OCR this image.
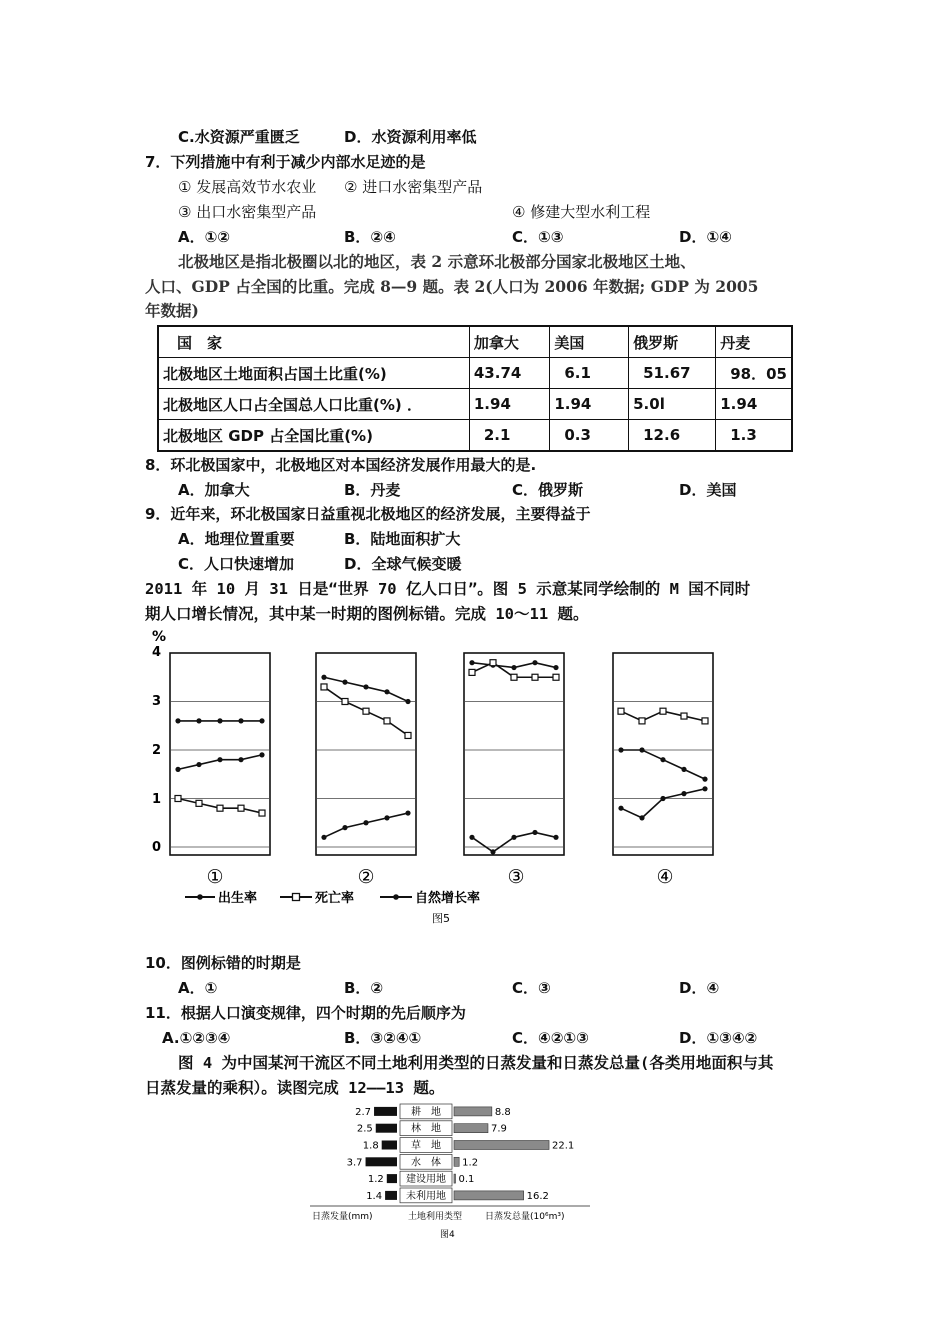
C.水资源严重匮乏	D．水资源利用率低
7．下列措施中有利于减少内部水足迹的是
① 发展高效节水农业 ② 进口水密集型产品
③ 出口水密集型产品	④ 修建大型水利工程
A．①②	B．②④	C．①③	D．①④
北极地区是指北极圈以北的地区，表 2 示意环北极部分国家北极地区土地、
人口、GDP 占全国的比重。完成 8—9 题。表 2(人口为 2006 年数据; GDP 为 2005
年数据)
国　家	加拿大	美国	俄罗斯	丹麦
北极地区土地面积占国土比重(%)	43.74	6.1	51.67	98．05
北极地区人口占全国总人口比重(%) ．	1.94	1.94	5.0l	1.94
北极地区 GDP 占全国比重(%)	2.1	0.3	12.6	1.3
8．环北极国家中，北极地区对本国经济发展作用最大的是.
A．加拿大	B．丹麦	C．俄罗斯	D．美国
9．近年来，环北极国家日益重视北极地区的经济发展，主要得益于
A．地理位置重要	B．陆地面积扩大
C．人口快速增加	D．全球气候变暖
2011 年 10 月 31 日是“世界 70 亿人口日”。图 5 示意某同学绘制的 M 国不同时
期人口增长情况，其中某一时期的图例标错。完成 10～11 题。
%
4
3
2
1
0
①	②	③	④
出生率	死亡率	自然增长率
图5
10．图例标错的时期是
A．①	B．②	C．③	D．④
11．根据人口演变规律，四个时期的先后顺序为
A.①②③④	B．③②④①	C．④②①③	D．①③④②
图 4 为中国某河干流区不同土地利用类型的日蒸发量和日蒸发总量(各类用地面积与其
日蒸发量的乘积）。读图完成 12——13 题。
日蒸发量(mm)	土地利用类型	日蒸发总量(10⁶m³)
图4
2.7	耕　地	8.8
2.5	林　地	7.9
1.8	草　地	22.1
3.7	水　体 1.2
1.2 建设用地 0.1
1.4 未利用地	16.2
